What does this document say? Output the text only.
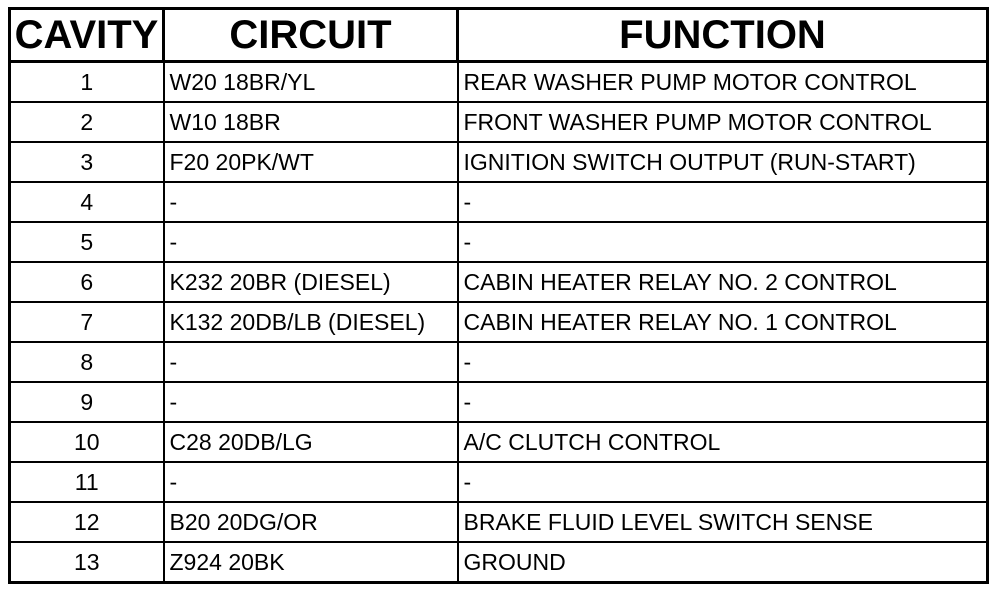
CAVITY	CIRCUIT	FUNCTION
1	W20 18BR/YL	REAR WASHER PUMP MOTOR CONTROL
2	W10 18BR	FRONT WASHER PUMP MOTOR CONTROL
3	F20 20PK/WT	IGNITION SWITCH OUTPUT (RUN-START)
4	-	-
5	-	-
6	K232 20BR (DIESEL)	CABIN HEATER RELAY NO. 2 CONTROL
7	K132 20DB/LB (DIESEL)	CABIN HEATER RELAY NO. 1 CONTROL
8	-	-
9	-	-
10	C28 20DB/LG	A/C CLUTCH CONTROL
11	-	-
12	B20 20DG/OR	BRAKE FLUID LEVEL SWITCH SENSE
13	Z924 20BK	GROUND
